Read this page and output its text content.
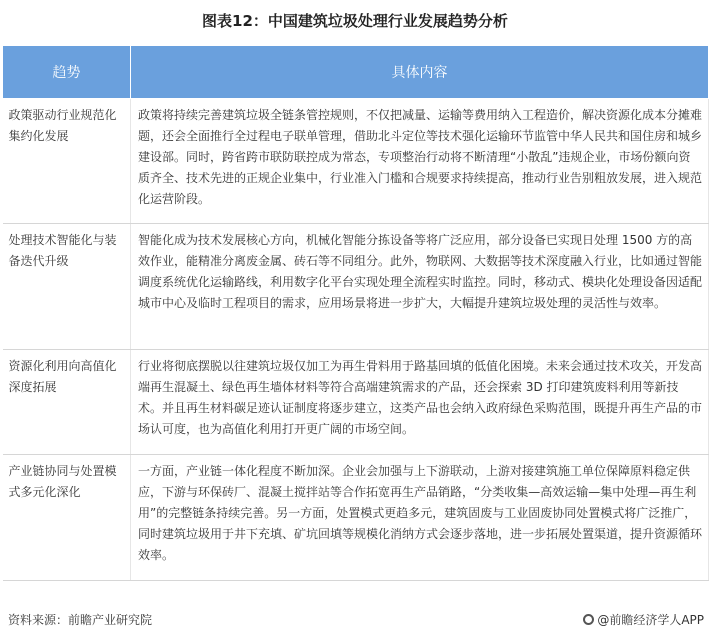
图表12：中国建筑垃圾处理行业发展趋势分析
趋势	具体内容
政策驱动行业规范化集约化发展	政策将持续完善建筑垃圾全链条管控规则，不仅把减量、运输等费用纳入工程造价，解决资源化成本分摊难题，还会全面推行全过程电子联单管理，借助北斗定位等技术强化运输环节监管中华人民共和国住房和城乡建设部。同时，跨省跨市联防联控成为常态，专项整治行动将不断清理“小散乱”违规企业，市场份额向资质齐全、技术先进的正规企业集中，行业准入门槛和合规要求持续提高，推动行业告别粗放发展，进入规范化运营阶段。
处理技术智能化与装备迭代升级	智能化成为技术发展核心方向，机械化智能分拣设备等将广泛应用，部分设备已实现日处理 1500 方的高效作业，能精准分离废金属、砖石等不同组分。此外，物联网、大数据等技术深度融入行业，比如通过智能调度系统优化运输路线，利用数字化平台实现处理全流程实时监控。同时，移动式、模块化处理设备因适配城市中心及临时工程项目的需求，应用场景将进一步扩大，大幅提升建筑垃圾处理的灵活性与效率。
资源化利用向高值化深度拓展	行业将彻底摆脱以往建筑垃圾仅加工为再生骨料用于路基回填的低值化困境。未来会通过技术攻关，开发高端再生混凝土、绿色再生墙体材料等符合高端建筑需求的产品，还会探索 3D 打印建筑废料利用等新技术。并且再生材料碳足迹认证制度将逐步建立，这类产品也会纳入政府绿色采购范围，既提升再生产品的市场认可度，也为高值化利用打开更广阔的市场空间。
产业链协同与处置模式多元化深化	一方面，产业链一体化程度不断加深。企业会加强与上下游联动，上游对接建筑施工单位保障原料稳定供应，下游与环保砖厂、混凝土搅拌站等合作拓宽再生产品销路，“分类收集—高效运输—集中处理—再生利用”的完整链条持续完善。另一方面，处置模式更趋多元，建筑固废与工业固废协同处置模式将广泛推广，同时建筑垃圾用于井下充填、矿坑回填等规模化消纳方式会逐步落地，进一步拓展处置渠道，提升资源循环效率。
资料来源：前瞻产业研究院	@前瞻经济学人APP
